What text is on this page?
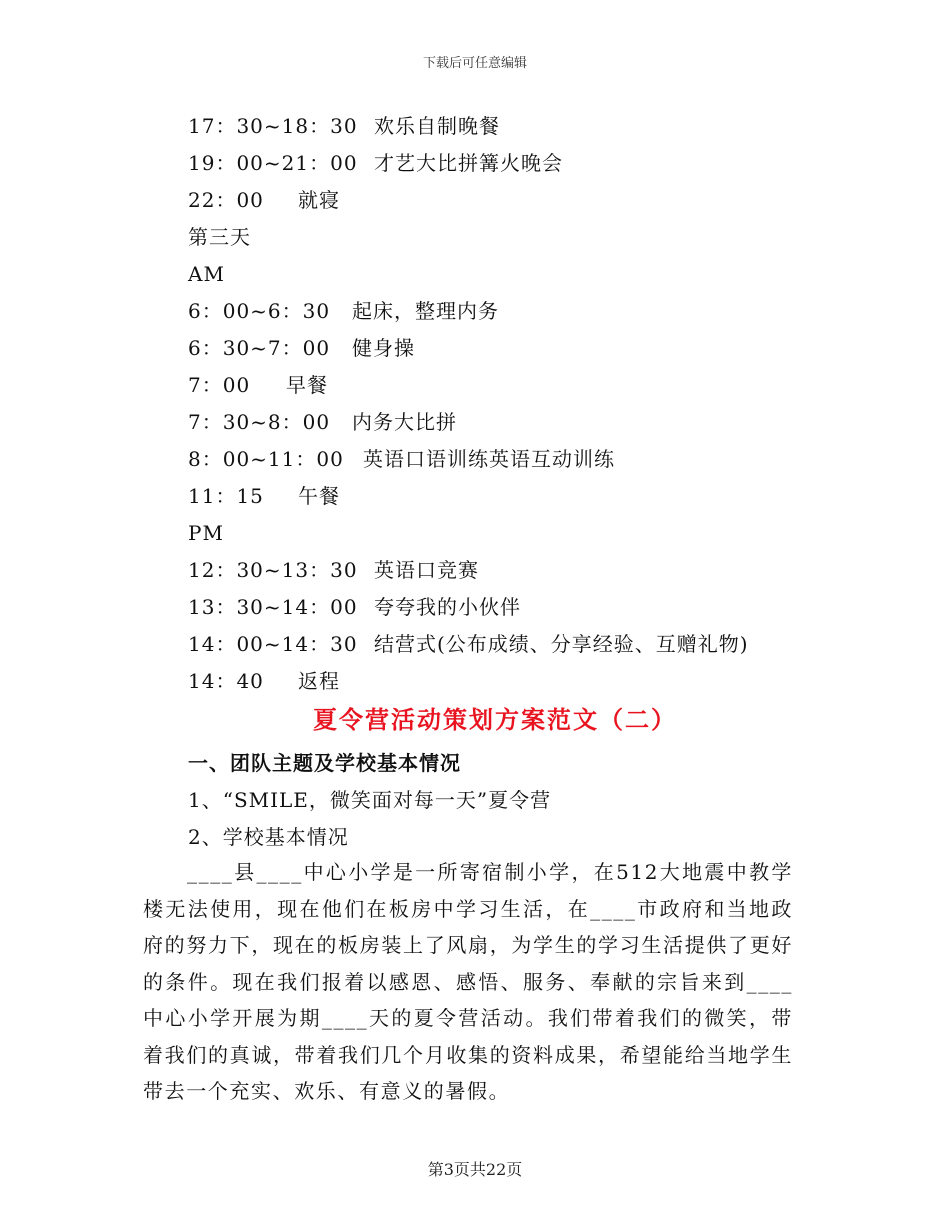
下载后可任意编辑
17：30~18：30 欢乐自制晚餐
19：00~21：00 才艺大比拼篝火晚会
22：00 就寝
第三天
AM
6：00~6：30 起床，整理内务
6：30~7：00 健身操
7：00 早餐
7：30~8：00 内务大比拼
8：00~11：00 英语口语训练英语互动训练
11：15 午餐
PM
12：30~13：30 英语口竞赛
13：30~14：00 夸夸我的小伙伴
14：00~14：30 结营式(公布成绩、分享经验、互赠礼物)
14：40 返程
夏令营活动策划方案范文（二）
一、团队主题及学校基本情况
1、“SMILE，微笑面对每一天”夏令营
2、学校基本情况
____县____中心小学是一所寄宿制小学，在512大地震中教学楼无法使用，现在他们在板房中学习生活，在____市政府和当地政府的努力下，现在的板房装上了风扇，为学生的学习生活提供了更好的条件。现在我们报着以感恩、感悟、服务、奉献的宗旨来到____中心小学开展为期____天的夏令营活动。我们带着我们的微笑，带着我们的真诚，带着我们几个月收集的资料成果，希望能给当地学生带去一个充实、欢乐、有意义的暑假。
第3页共22页
